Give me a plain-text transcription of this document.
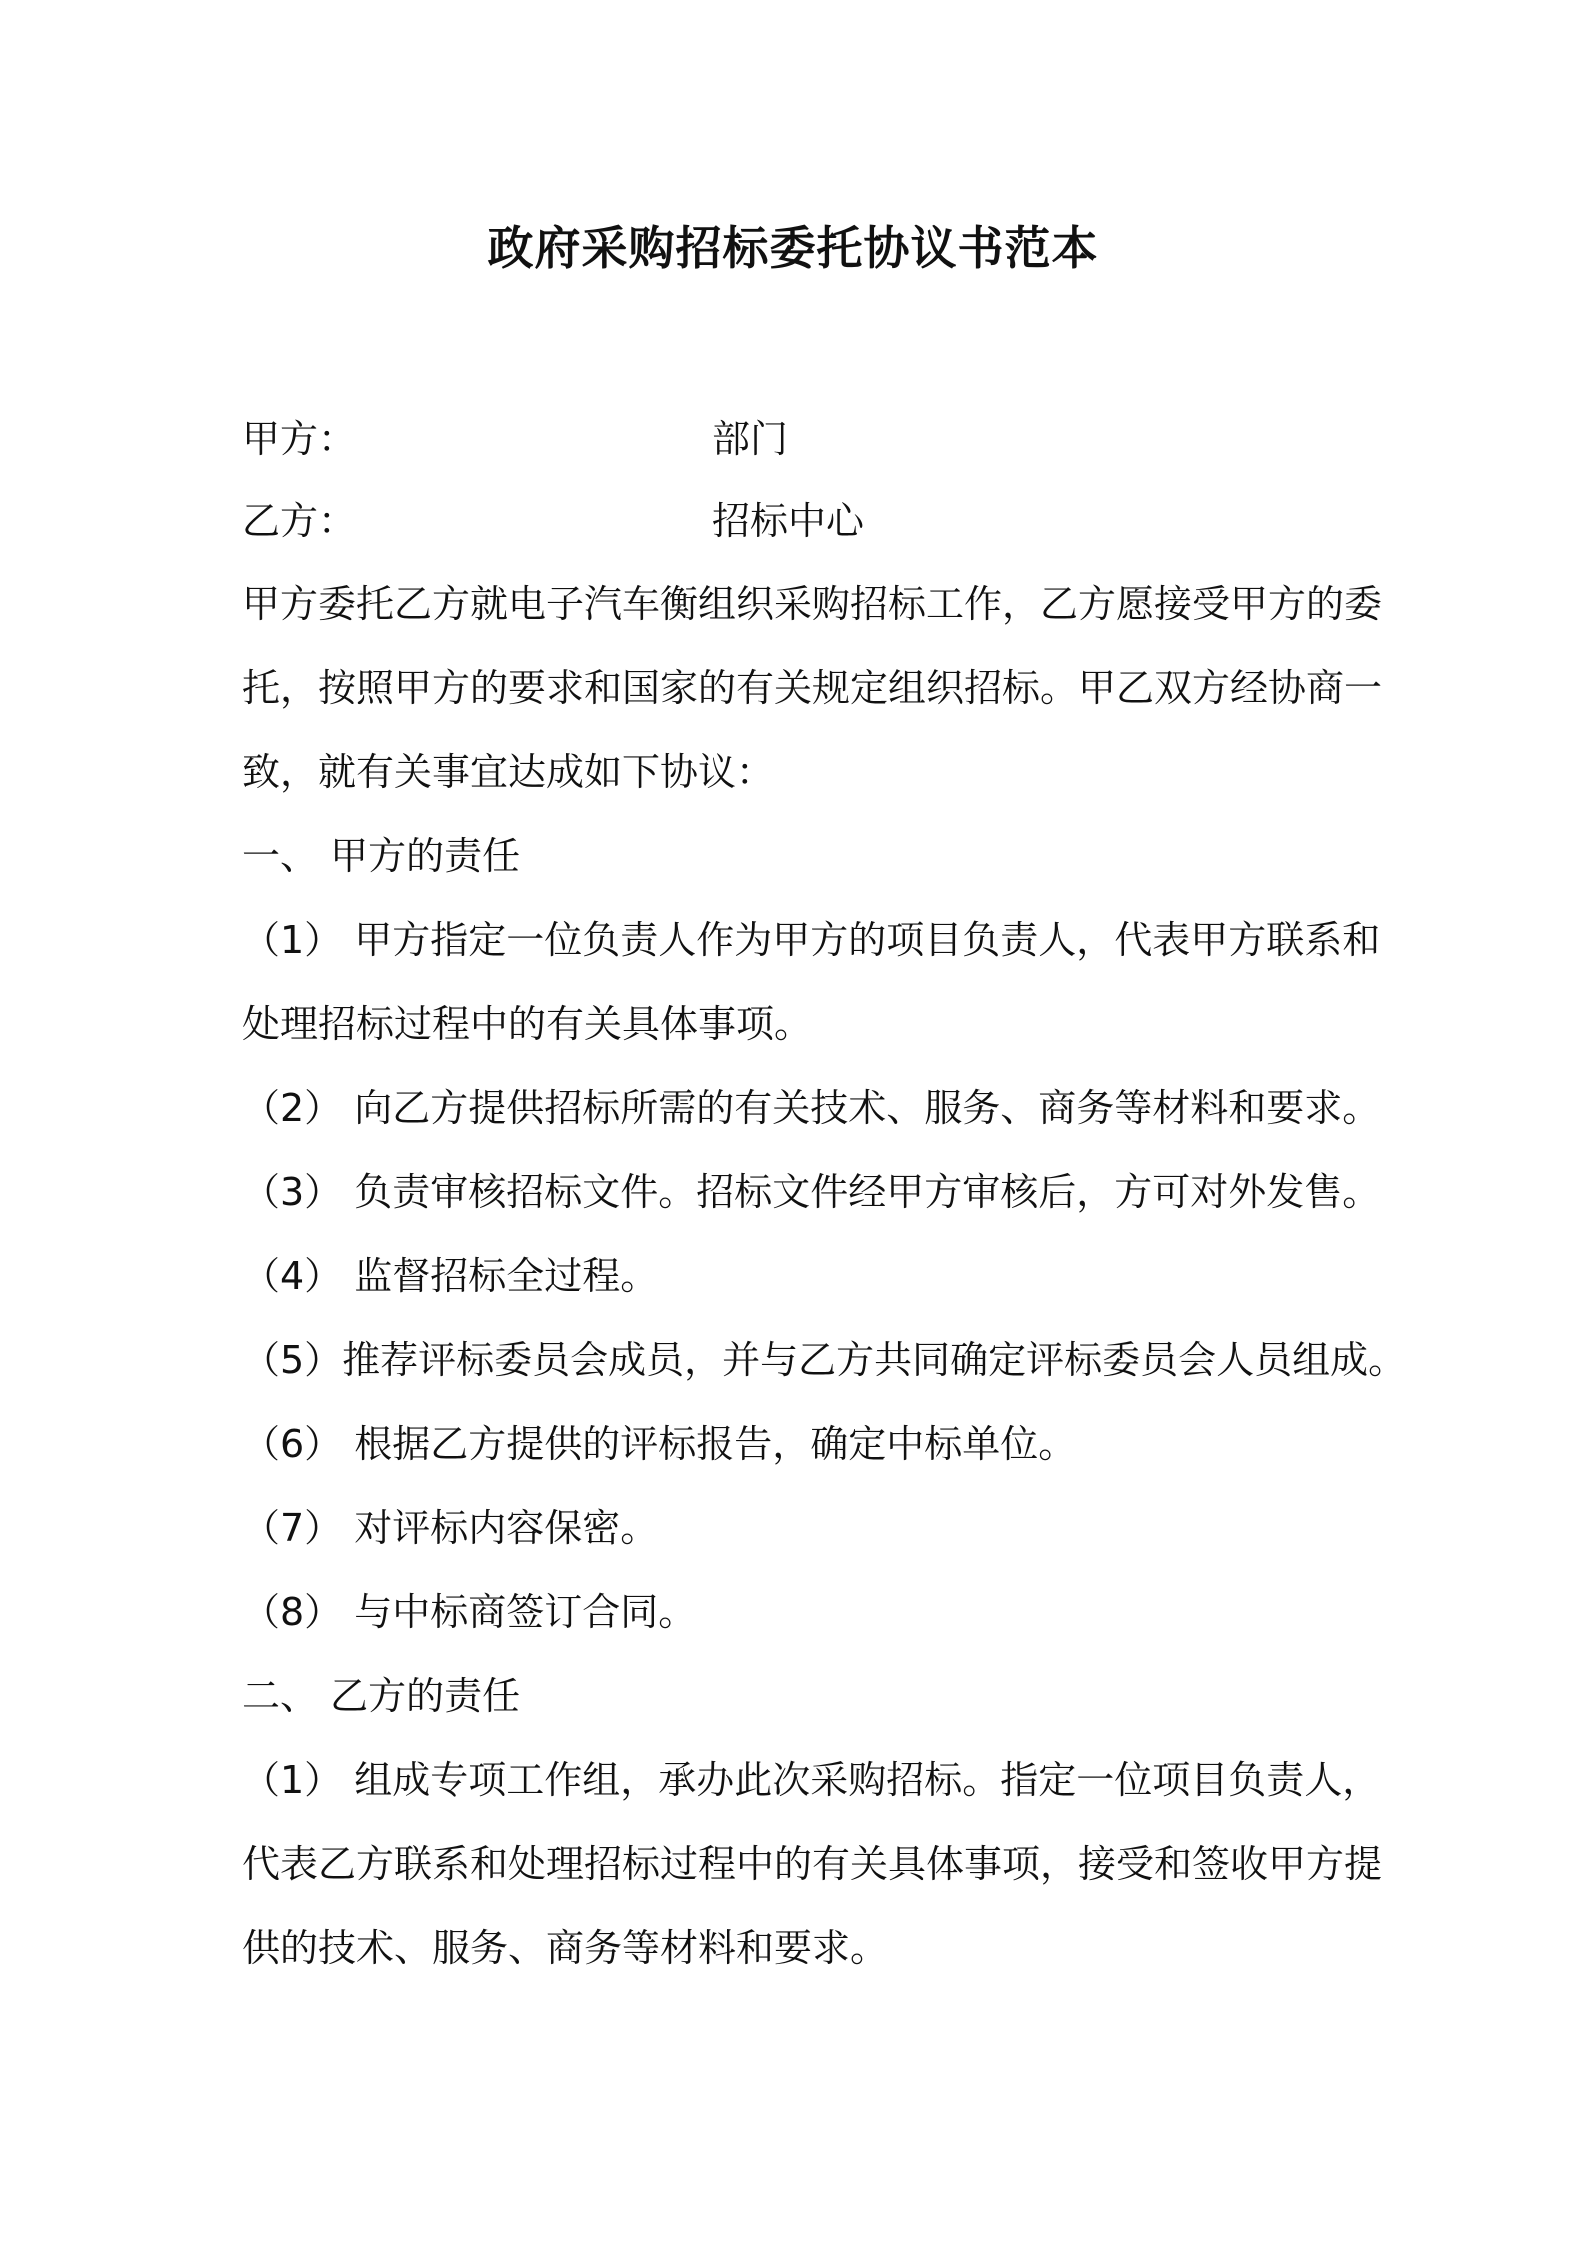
政府采购招标委托协议书范本
甲方：	部门
乙方：	招标中心
甲方委托乙方就电子汽车衡组织采购招标工作，乙方愿接受甲方的委
托，按照甲方的要求和国家的有关规定组织招标。甲乙双方经协商一
致，就有关事宜达成如下协议：
一、 甲方的责任
（1） 甲方指定一位负责人作为甲方的项目负责人，代表甲方联系和
处理招标过程中的有关具体事项。
（2） 向乙方提供招标所需的有关技术、服务、商务等材料和要求。
（3） 负责审核招标文件。招标文件经甲方审核后，方可对外发售。
（4） 监督招标全过程。
（5）推荐评标委员会成员，并与乙方共同确定评标委员会人员组成。
（6） 根据乙方提供的评标报告，确定中标单位。
（7） 对评标内容保密。
（8） 与中标商签订合同。
二、 乙方的责任
（1） 组成专项工作组，承办此次采购招标。指定一位项目负责人，
代表乙方联系和处理招标过程中的有关具体事项，接受和签收甲方提
供的技术、服务、商务等材料和要求。
